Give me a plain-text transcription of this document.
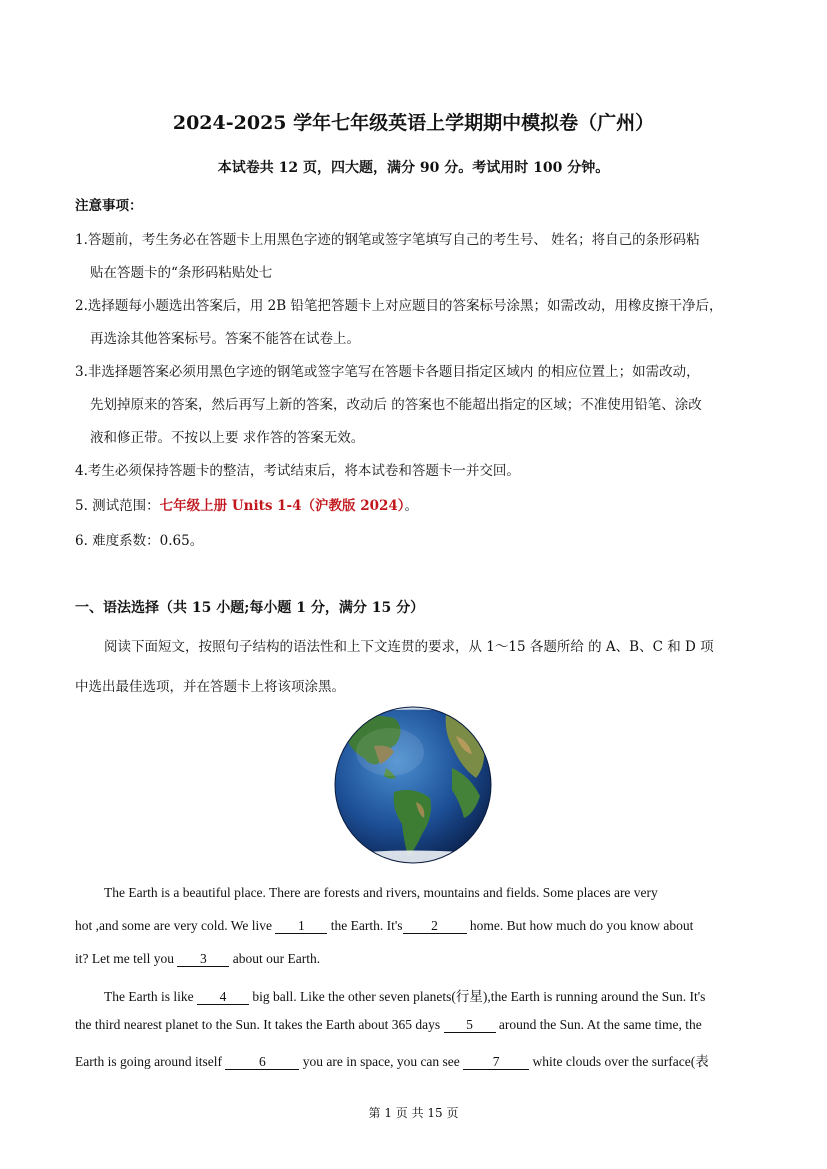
2024-2025 学年七年级英语上学期期中模拟卷（广州）
本试卷共 12 页，四大题，满分 90 分。考试用时 100 分钟。
注意事项：
1.答题前，考生务必在答题卡上用黑色字迹的钢笔或签字笔填写自己的考生号、 姓名；将自己的条形码粘
贴在答题卡的“条形码粘贴处七
2.选择题每小题选出答案后，用 2B 铅笔把答题卡上对应题目的答案标号涂黑；如需改动，用橡皮擦干净后，
再选涂其他答案标号。答案不能答在试卷上。
3.非选择题答案必须用黑色字迹的钢笔或签字笔写在答题卡各题目指定区域内 的相应位置上；如需改动，
先划掉原来的答案，然后再写上新的答案，改动后 的答案也不能超出指定的区域；不准使用铅笔、涂改
液和修正带。不按以上要 求作答的答案无效。
4.考生必须保持答题卡的整洁，考试结束后，将本试卷和答题卡一并交回。
5. 测试范围：七年级上册 Units 1-4（沪教版 2024）。
6. 难度系数：0.65。
一、语法选择（共 15 小题;每小题 1 分，满分 15 分）
阅读下面短文，按照句子结构的语法性和上下文连贯的要求，从 1～15 各题所给 的 A、B、C 和 D 项
中选出最佳选项，并在答题卡上将该项涂黑。
The Earth is a beautiful place. There are forests and rivers, mountains and fields. Some places are very
hot ,and some are very cold. We live 1 the Earth. It's 2 home. But how much do you know about
it? Let me tell you 3 about our Earth.
The Earth is like 4 big ball. Like the other seven planets(行星),the Earth is running around the Sun. It's
the third nearest planet to the Sun. It takes the Earth about 365 days 5 around the Sun. At the same time, the
Earth is going around itself 6 you are in space, you can see 7 white clouds over the surface(表
第 1 页 共 15 页
